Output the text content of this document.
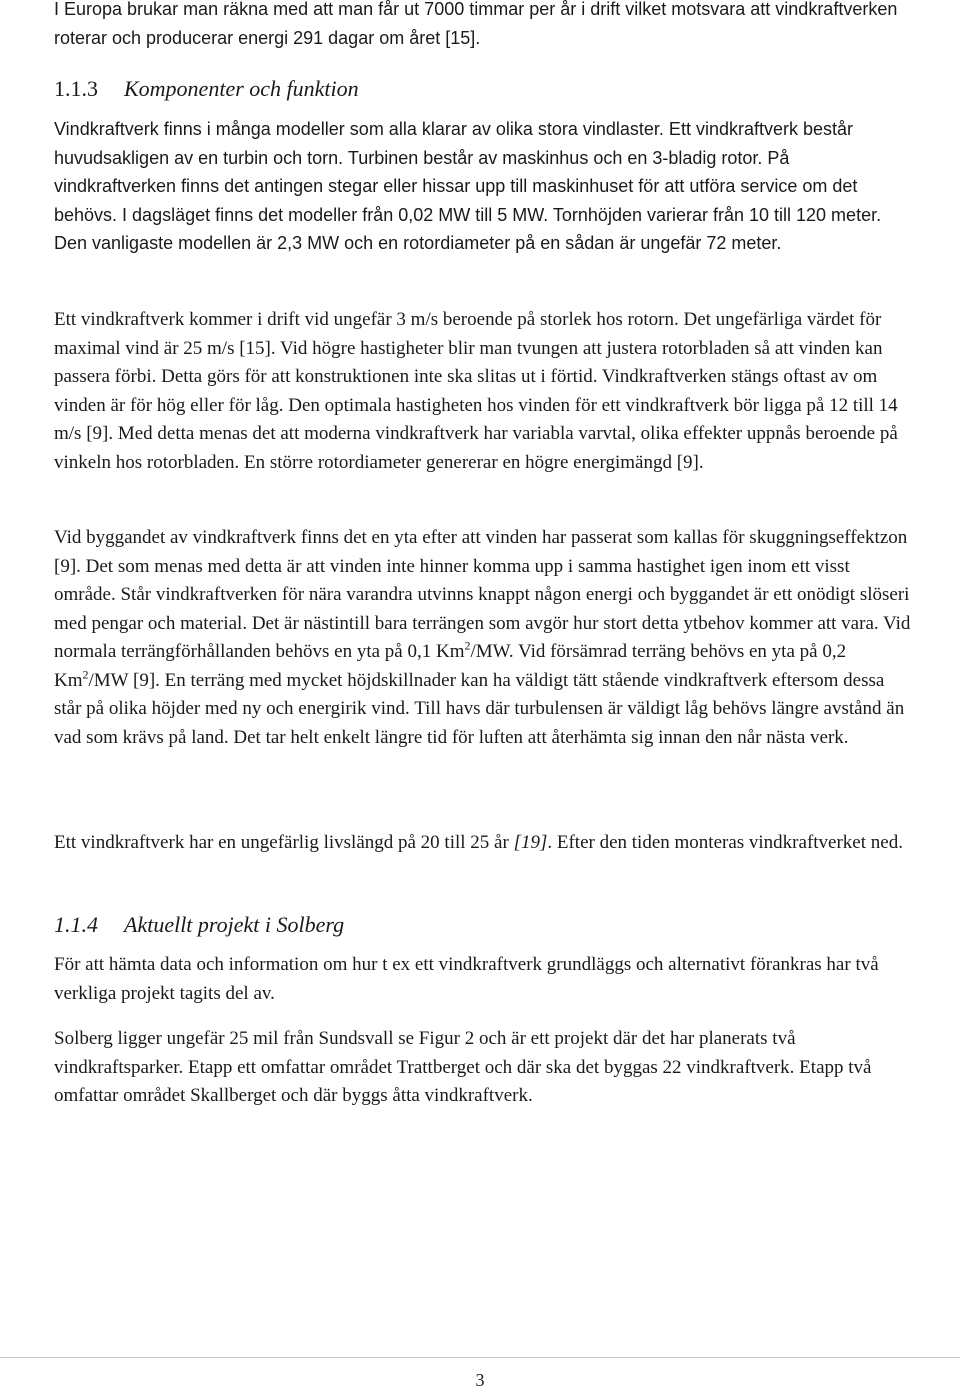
I Europa brukar man räkna med att man får ut 7000 timmar per år i drift vilket motsvara att vindkraftverken roterar och producerar energi 291 dagar om året [15].

1.1.3 Komponenter och funktion

Vindkraftverk finns i många modeller som alla klarar av olika stora vindlaster. Ett vindkraftverk består huvudsakligen av en turbin och torn. Turbinen består av maskinhus och en 3-bladig rotor. På vindkraftverken finns det antingen stegar eller hissar upp till maskinhuset för att utföra service om det behövs. I dagsläget finns det modeller från 0,02 MW till 5 MW. Tornhöjden varierar från 10 till 120 meter. Den vanligaste modellen är 2,3 MW och en rotordiameter på en sådan är ungefär 72 meter.

Ett vindkraftverk kommer i drift vid ungefär 3 m/s beroende på storlek hos rotorn. Det ungefärliga värdet för maximal vind är 25 m/s [15]. Vid högre hastigheter blir man tvungen att justera rotorbladen så att vinden kan passera förbi. Detta görs för att konstruktionen inte ska slitas ut i förtid. Vindkraftverken stängs oftast av om vinden är för hög eller för låg. Den optimala hastigheten hos vinden för ett vindkraftverk bör ligga på 12 till 14 m/s [9]. Med detta menas det att moderna vindkraftverk har variabla varvtal, olika effekter uppnås beroende på vinkeln hos rotorbladen. En större rotordiameter genererar en högre energimängd [9].

Vid byggandet av vindkraftverk finns det en yta efter att vinden har passerat som kallas för skuggningseffektzon [9]. Det som menas med detta är att vinden inte hinner komma upp i samma hastighet igen inom ett visst område. Står vindkraftverken för nära varandra utvinns knappt någon energi och byggandet är ett onödigt slöseri med pengar och material. Det är nästintill bara terrängen som avgör hur stort detta ytbehov kommer att vara. Vid normala terrängförhållanden behövs en yta på 0,1 Km$^2$/MW. Vid försämrad terräng behövs en yta på 0,2 Km$^2$/MW [9]. En terräng med mycket höjdskillnader kan ha väldigt tätt stående vindkraftverk eftersom dessa står på olika höjder med ny och energirik vind. Till havs där turbulensen är väldigt låg behövs längre avstånd än vad som krävs på land. Det tar helt enkelt längre tid för luften att återhämta sig innan den når nästa verk.

Ett vindkraftverk har en ungefärlig livslängd på 20 till 25 år [19]. Efter den tiden monteras vindkraftverket ned.

1.1.4 Aktuellt projekt i Solberg

För att hämta data och information om hur t ex ett vindkraftverk grundläggs och alternativt förankras har två verkliga projekt tagits del av.

Solberg ligger ungefär 25 mil från Sundsvall se Figur 2 och är ett projekt där det har planerats två vindkraftsparker. Etapp ett omfattar området Trattberget och där ska det byggas 22 vindkraftverk. Etapp två omfattar området Skallberget och där byggs åtta vindkraftverk.

3
